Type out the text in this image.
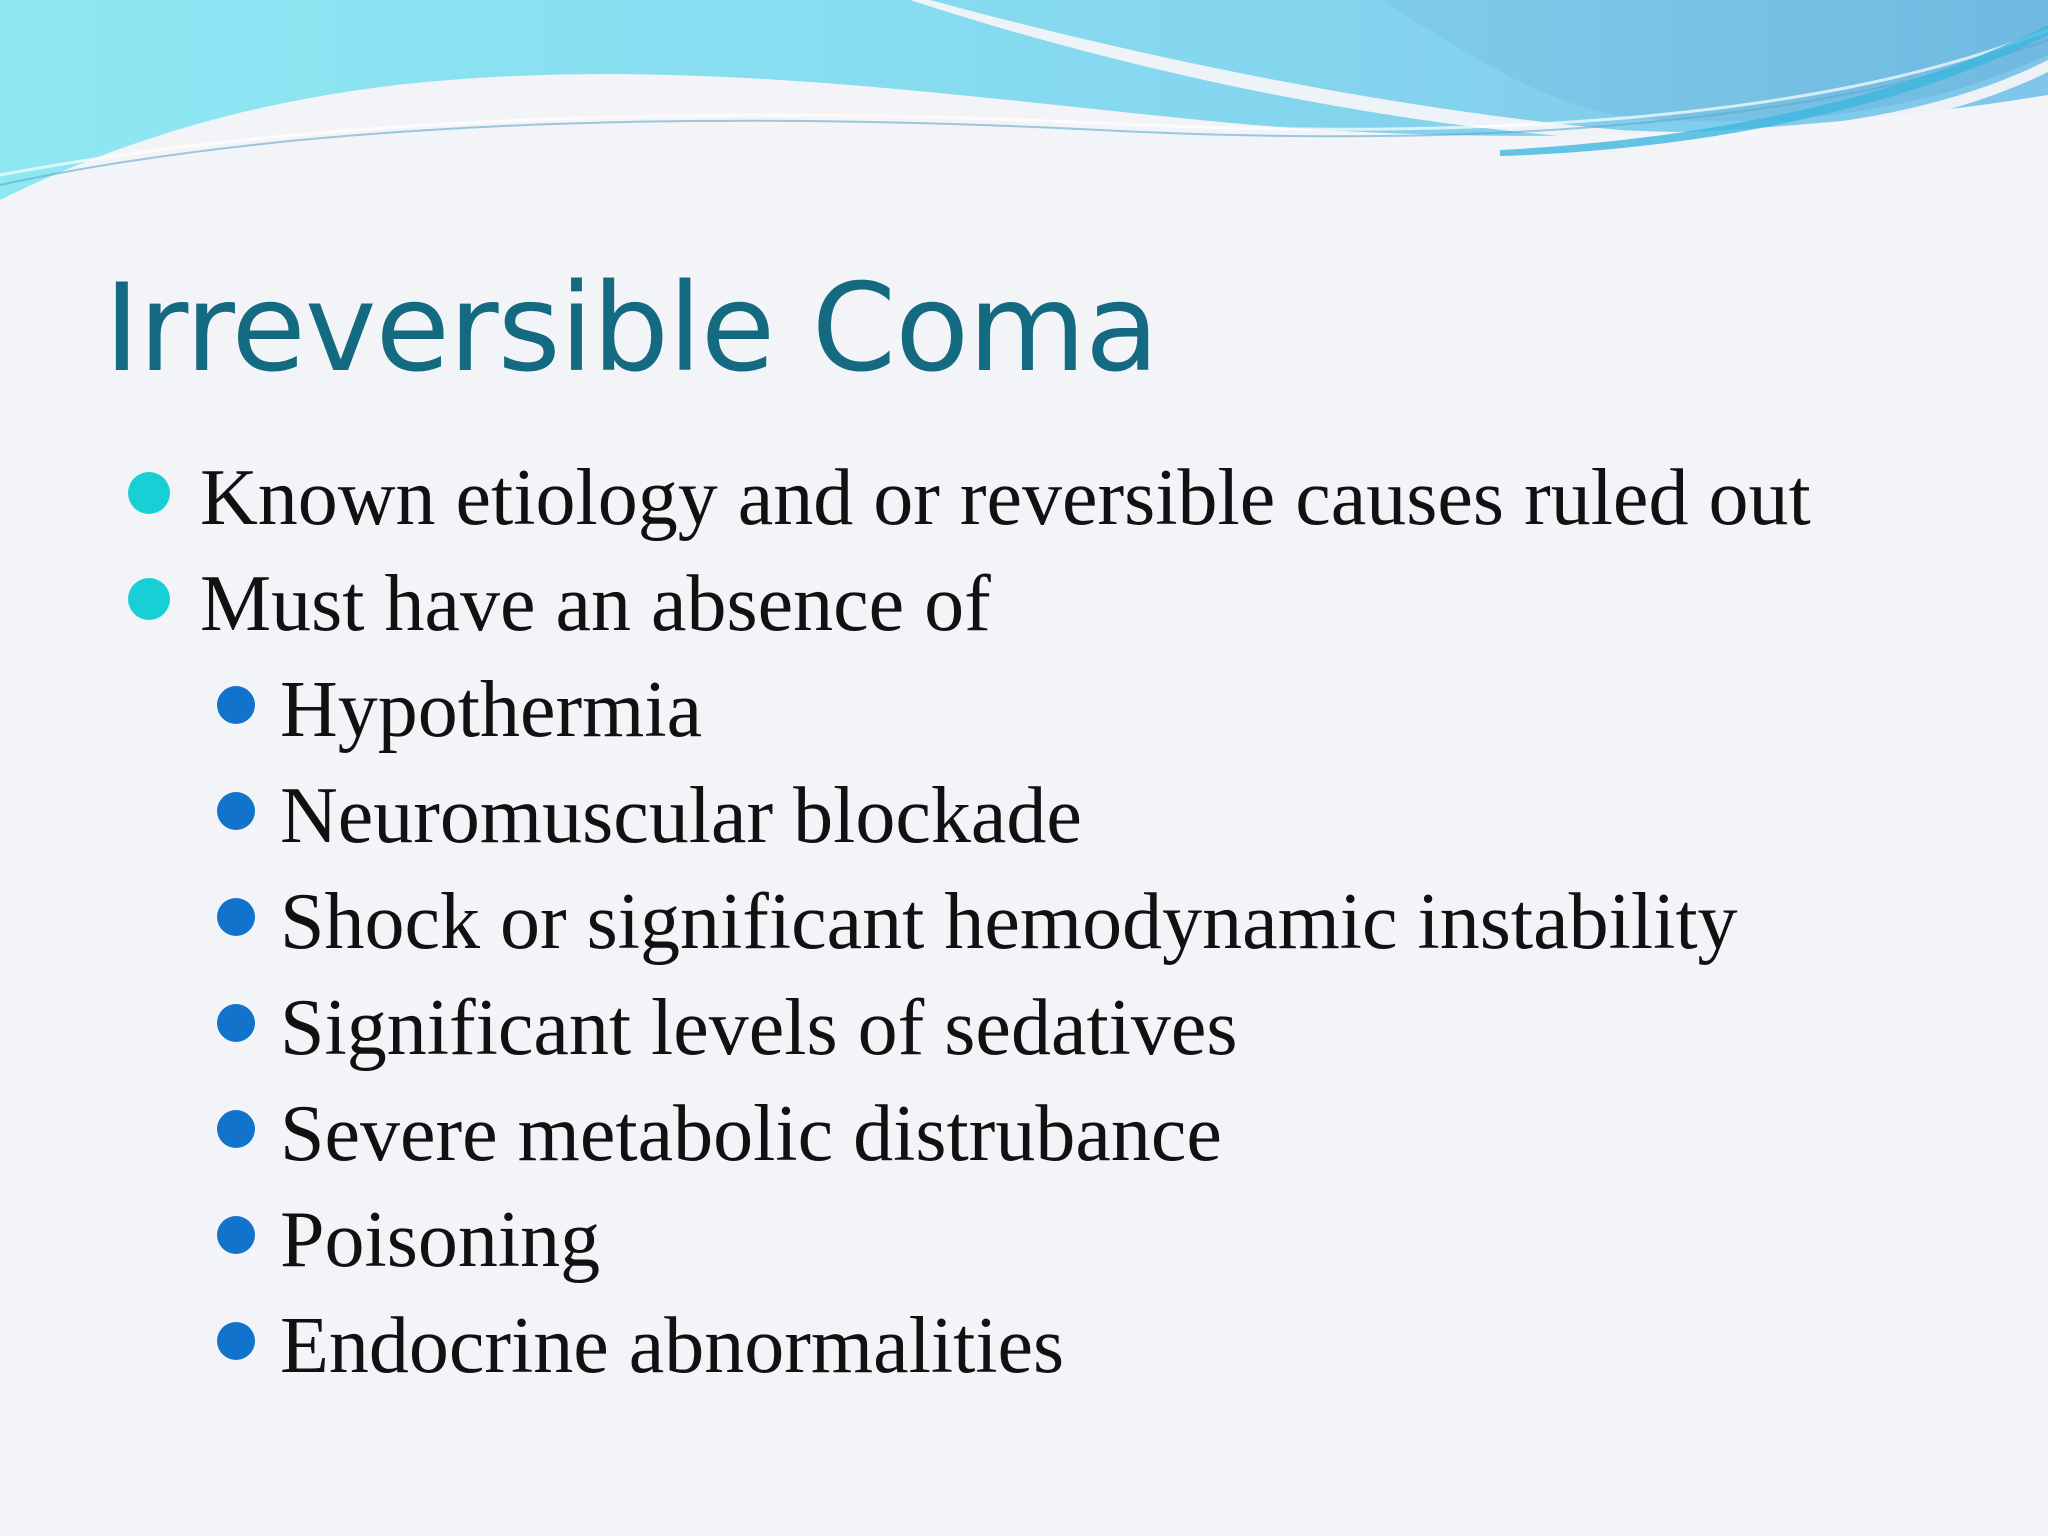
Irreversible Coma
Known etiology and or reversible causes ruled out
Must have an absence of
Hypothermia
Neuromuscular blockade
Shock or significant hemodynamic instability
Significant levels of sedatives
Severe metabolic distrubance
Poisoning
Endocrine abnormalities
